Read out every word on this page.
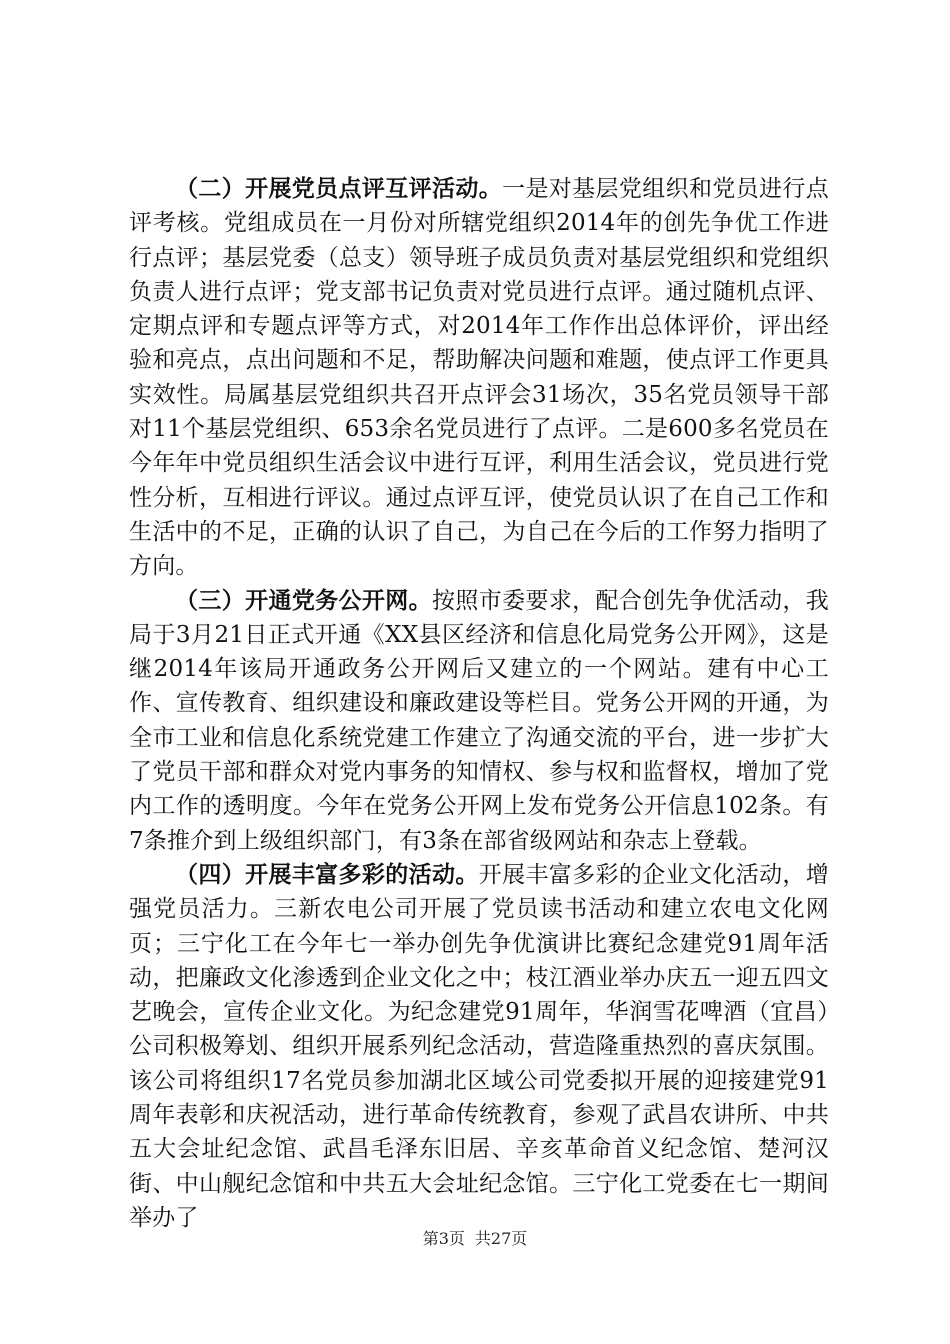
（二）开展党员点评互评活动。一是对基层党组织和党员进行点评考核。党组成员在一月份对所辖党组织2014年的创先争优工作进行点评；基层党委（总支）领导班子成员负责对基层党组织和党组织负责人进行点评；党支部书记负责对党员进行点评。通过随机点评、定期点评和专题点评等方式，对2014年工作作出总体评价，评出经验和亮点，点出问题和不足，帮助解决问题和难题，使点评工作更具实效性。局属基层党组织共召开点评会31场次，35名党员领导干部对11个基层党组织、653余名党员进行了点评。二是600多名党员在今年年中党员组织生活会议中进行互评，利用生活会议，党员进行党性分析，互相进行评议。通过点评互评，使党员认识了在自己工作和生活中的不足，正确的认识了自己，为自己在今后的工作努力指明了方向。

（三）开通党务公开网。按照市委要求，配合创先争优活动，我局于3月21日正式开通《XX县区经济和信息化局党务公开网》，这是继2014年该局开通政务公开网后又建立的一个网站。建有中心工作、宣传教育、组织建设和廉政建设等栏目。党务公开网的开通，为全市工业和信息化系统党建工作建立了沟通交流的平台，进一步扩大了党员干部和群众对党内事务的知情权、参与权和监督权，增加了党内工作的透明度。今年在党务公开网上发布党务公开信息102条。有7条推介到上级组织部门，有3条在部省级网站和杂志上登载。

（四）开展丰富多彩的活动。开展丰富多彩的企业文化活动，增强党员活力。三新农电公司开展了党员读书活动和建立农电文化网页；三宁化工在今年七一举办创先争优演讲比赛纪念建党91周年活动，把廉政文化渗透到企业文化之中；枝江酒业举办庆五一迎五四文艺晚会，宣传企业文化。为纪念建党91周年，华润雪花啤酒（宜昌）公司积极筹划、组织开展系列纪念活动，营造隆重热烈的喜庆氛围。该公司将组织17名党员参加湖北区域公司党委拟开展的迎接建党91周年表彰和庆祝活动，进行革命传统教育，参观了武昌农讲所、中共五大会址纪念馆、武昌毛泽东旧居、辛亥革命首义纪念馆、楚河汉街、中山舰纪念馆和中共五大会址纪念馆。三宁化工党委在七一期间举办了

第3页 共27页
